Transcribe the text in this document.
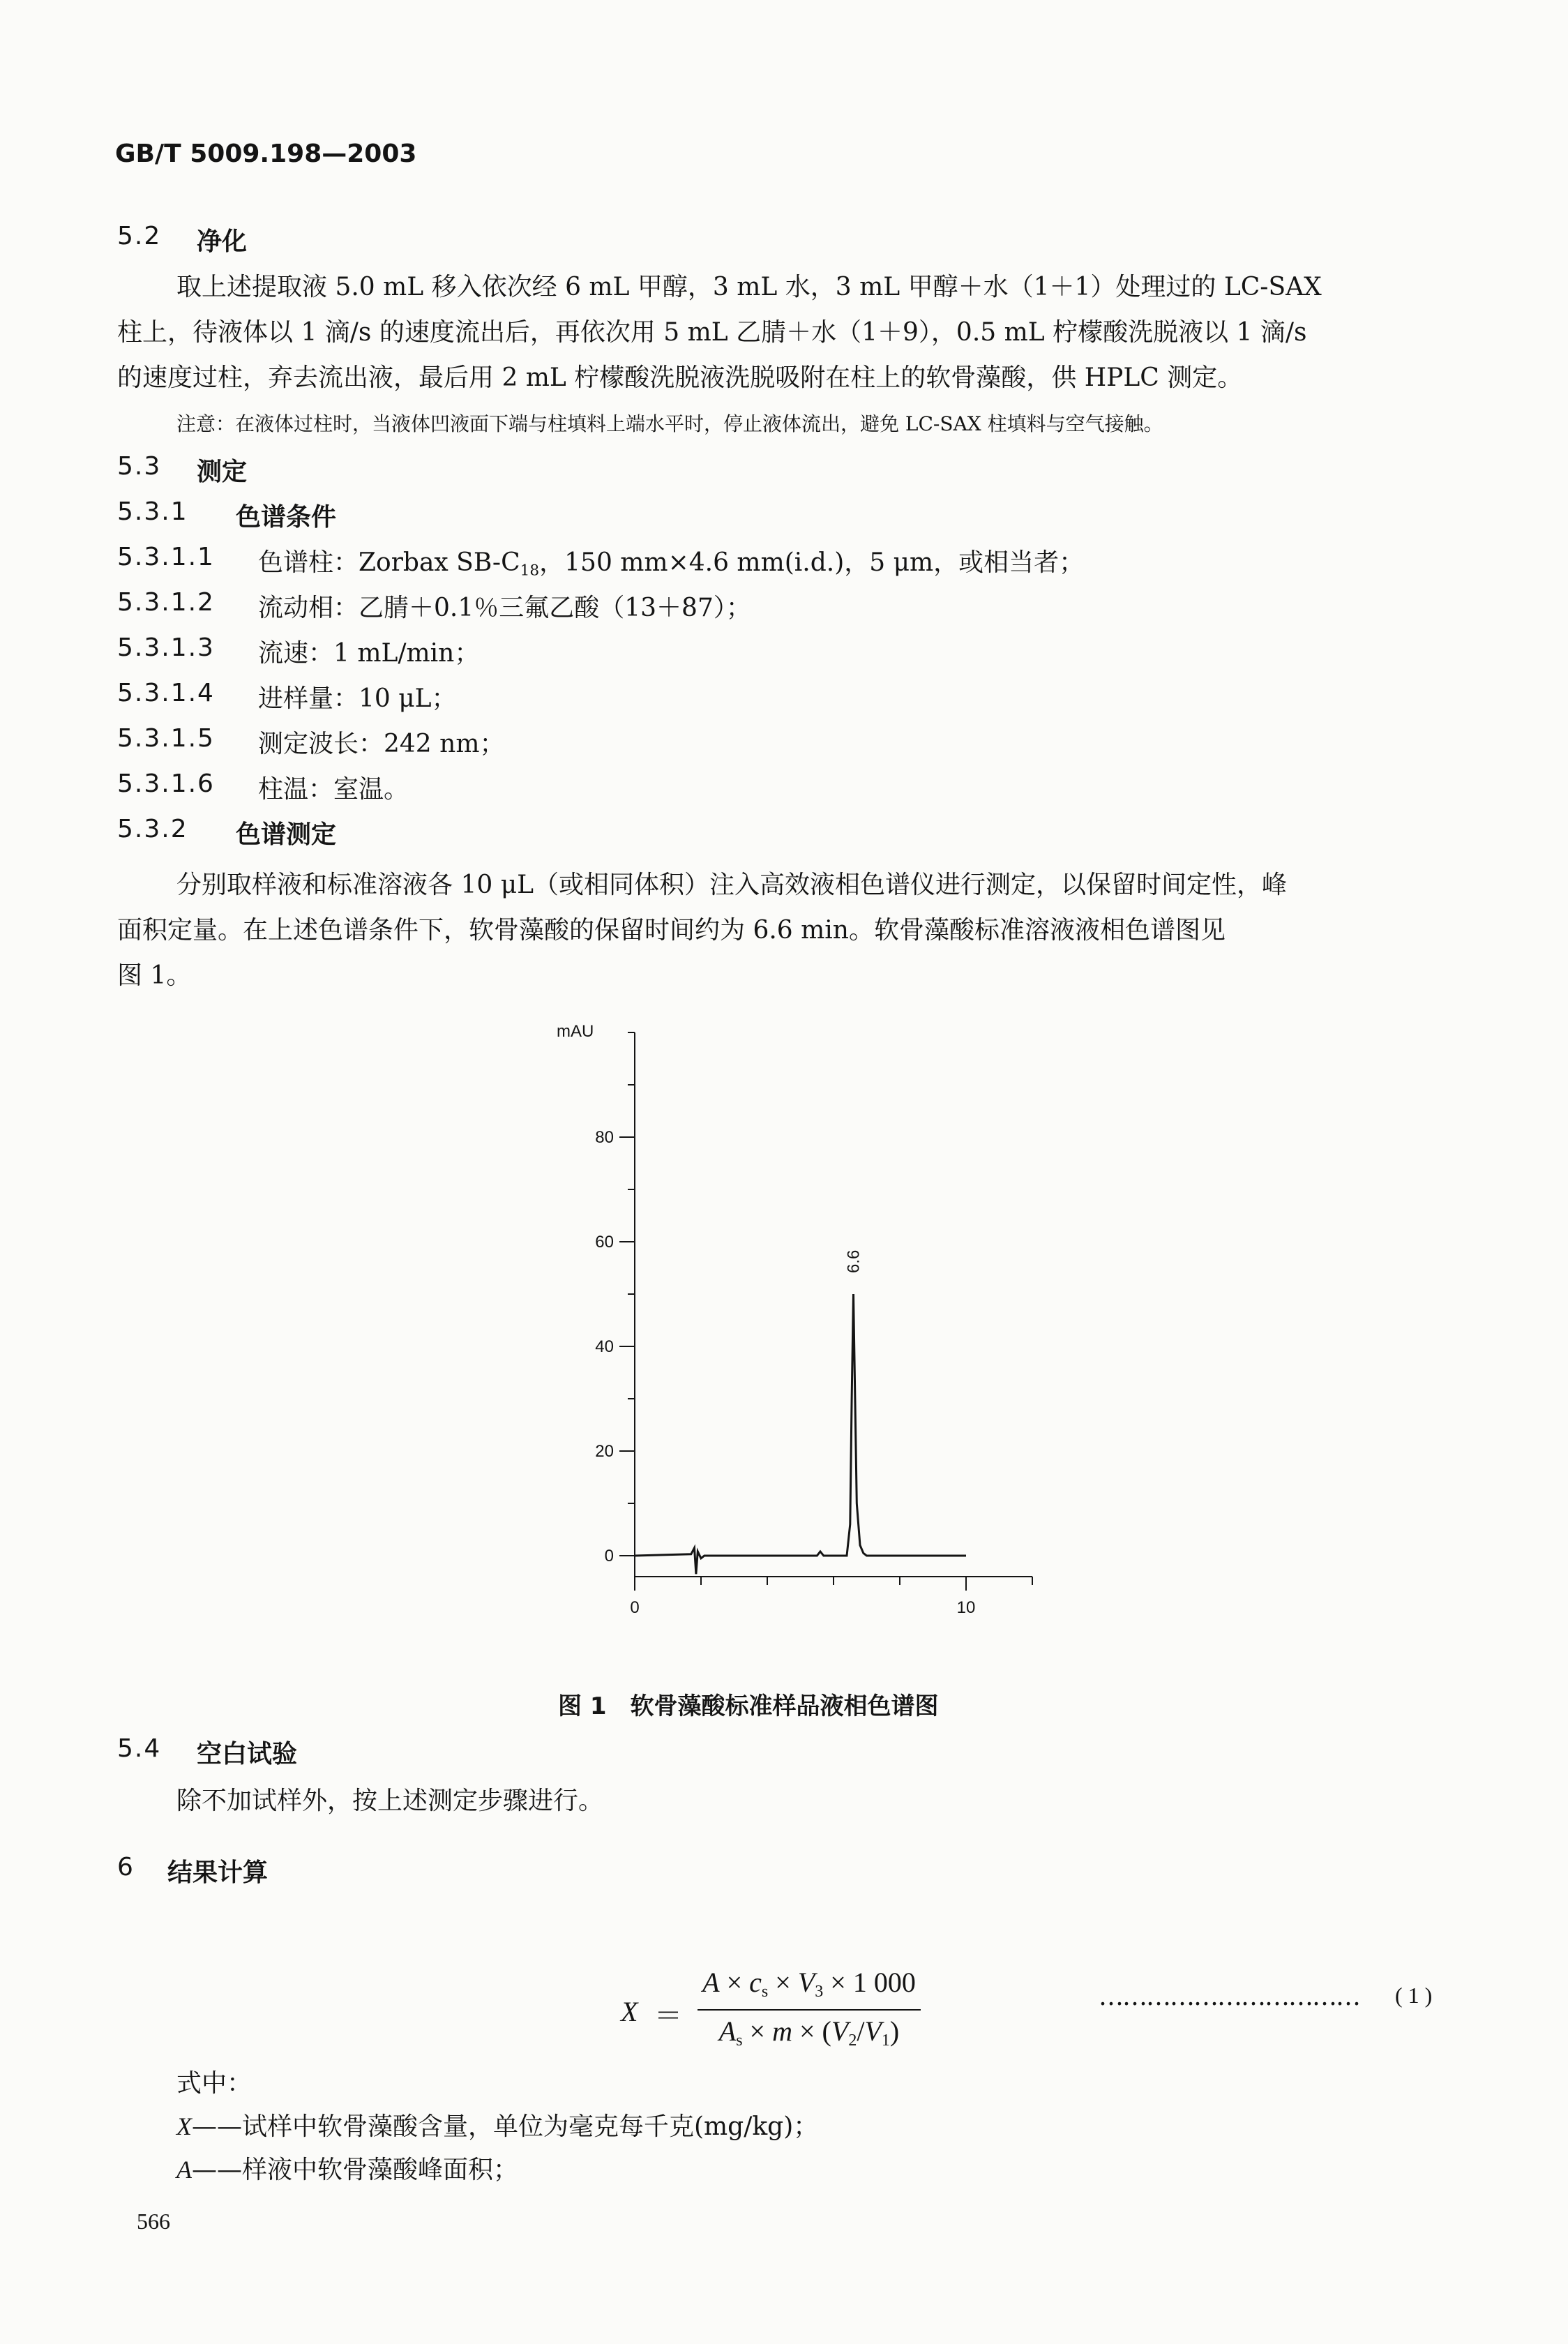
GB/T 5009.198—2003

5.2 净化

取上述提取液 5.0 mL 移入依次经 6 mL 甲醇，3 mL 水，3 mL 甲醇＋水（1＋1）处理过的 LC-SAX

柱上，待液体以 1 滴/s 的速度流出后，再依次用 5 mL 乙腈＋水（1＋9），0.5 mL 柠檬酸洗脱液以 1 滴/s

的速度过柱，弃去流出液，最后用 2 mL 柠檬酸洗脱液洗脱吸附在柱上的软骨藻酸，供 HPLC 测定。

注意：在液体过柱时，当液体凹液面下端与柱填料上端水平时，停止液体流出，避免 LC-SAX 柱填料与空气接触。

5.3 测定

5.3.1 色谱条件

5.3.1.1 色谱柱：Zorbax $SB-C_{18}$，150 mm×4.6 mm(i.d.)，5 μm，或相当者；

5.3.1.2 流动相：乙腈＋0.1％三氟乙酸（13＋87）；

5.3.1.3 流速：1 mL/min；

5.3.1.4 进样量：10 μL；

5.3.1.5 测定波长：242 nm；

5.3.1.6 柱温：室温。

5.3.2 色谱测定

分别取样液和标准溶液各 10 μL（或相同体积）注入高效液相色谱仪进行测定，以保留时间定性，峰

面积定量。在上述色谱条件下，软骨藻酸的保留时间约为 6.6 min。软骨藻酸标准溶液液相色谱图见

图 1。

mAU
0
20
40
60
80
0	10
6.6

图 1　软骨藻酸标准样品液相色谱图

5.4 空白试验

除不加试样外，按上述测定步骤进行。

6 结果计算

X ＝
$A \times c_s \times V_3 \times 1$ 000
$A_s \times m \times (V_2/V_1)$

…………………………… ( 1 )

式中：

X——试样中软骨藻酸含量，单位为毫克每千克(mg/kg)；

A——样液中软骨藻酸峰面积；

566
